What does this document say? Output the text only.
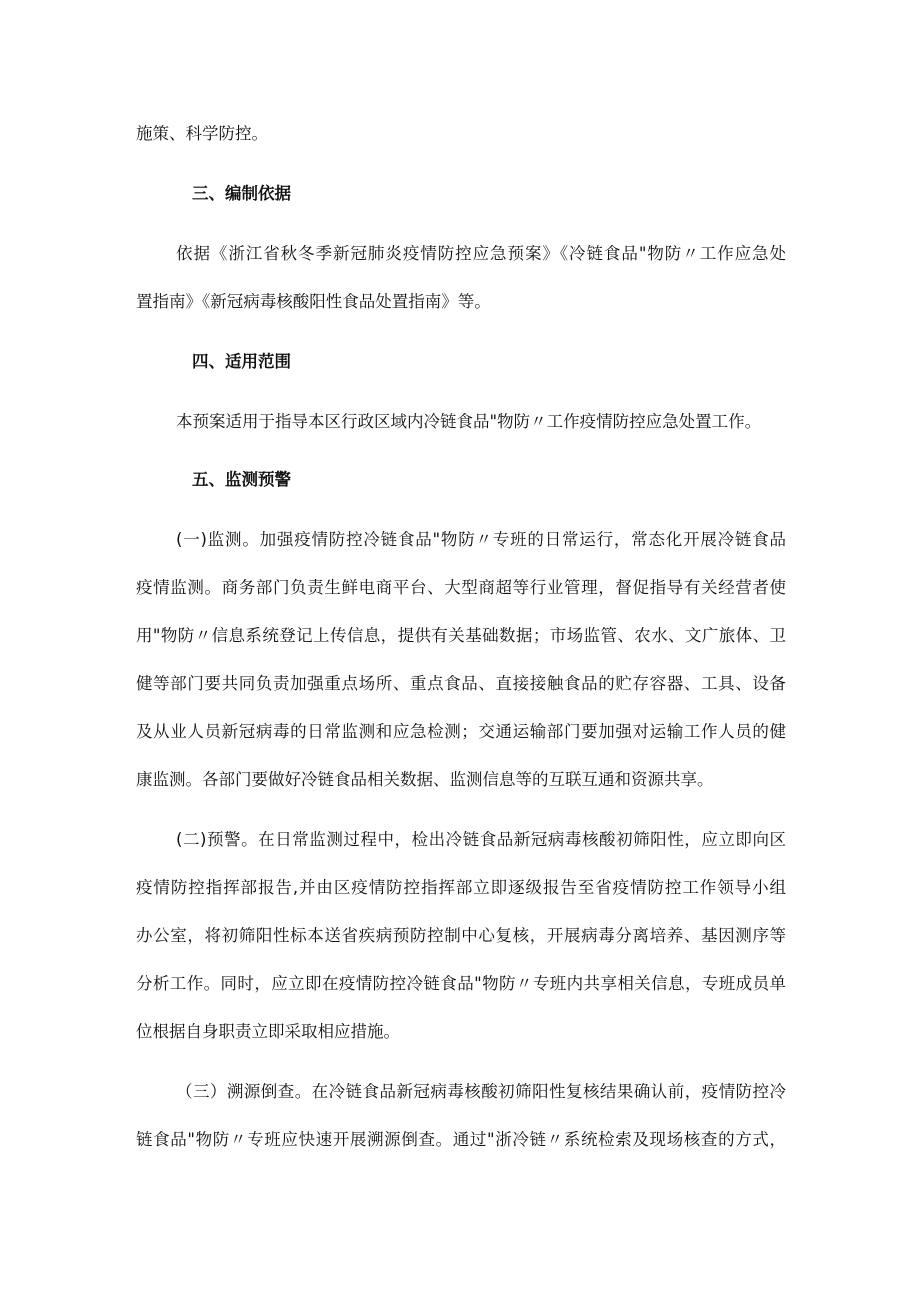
施策、科学防控。
三、编制依据
依据《浙江省秋冬季新冠肺炎疫情防控应急预案》《冷链食品"物防〃工作应急处
置指南》《新冠病毒核酸阳性食品处置指南》等。
四、适用范围
本预案适用于指导本区行政区域内冷链食品"物防〃工作疫情防控应急处置工作。
五、监测预警
(一)监测。加强疫情防控冷链食品"物防〃专班的日常运行，常态化开展冷链食品
疫情监测。商务部门负责生鲜电商平台、大型商超等行业管理，督促指导有关经营者使
用"物防〃信息系统登记上传信息，提供有关基础数据；市场监管、农水、文广旅体、卫
健等部门要共同负责加强重点场所、重点食品、直接接触食品的贮存容器、工具、设备
及从业人员新冠病毒的日常监测和应急检测；交通运输部门要加强对运输工作人员的健
康监测。各部门要做好冷链食品相关数据、监测信息等的互联互通和资源共享。
(二)预警。在日常监测过程中，检出冷链食品新冠病毒核酸初筛阳性，应立即向区
疫情防控指挥部报告,并由区疫情防控指挥部立即逐级报告至省疫情防控工作领导小组
办公室，将初筛阳性标本送省疾病预防控制中心复核，开展病毒分离培养、基因测序等
分析工作。同时，应立即在疫情防控冷链食品"物防〃专班内共享相关信息，专班成员单
位根据自身职责立即采取相应措施。
（三）溯源倒查。在冷链食品新冠病毒核酸初筛阳性复核结果确认前，疫情防控冷
链食品"物防〃专班应快速开展溯源倒查。通过"浙冷链〃系统检索及现场核查的方式，
